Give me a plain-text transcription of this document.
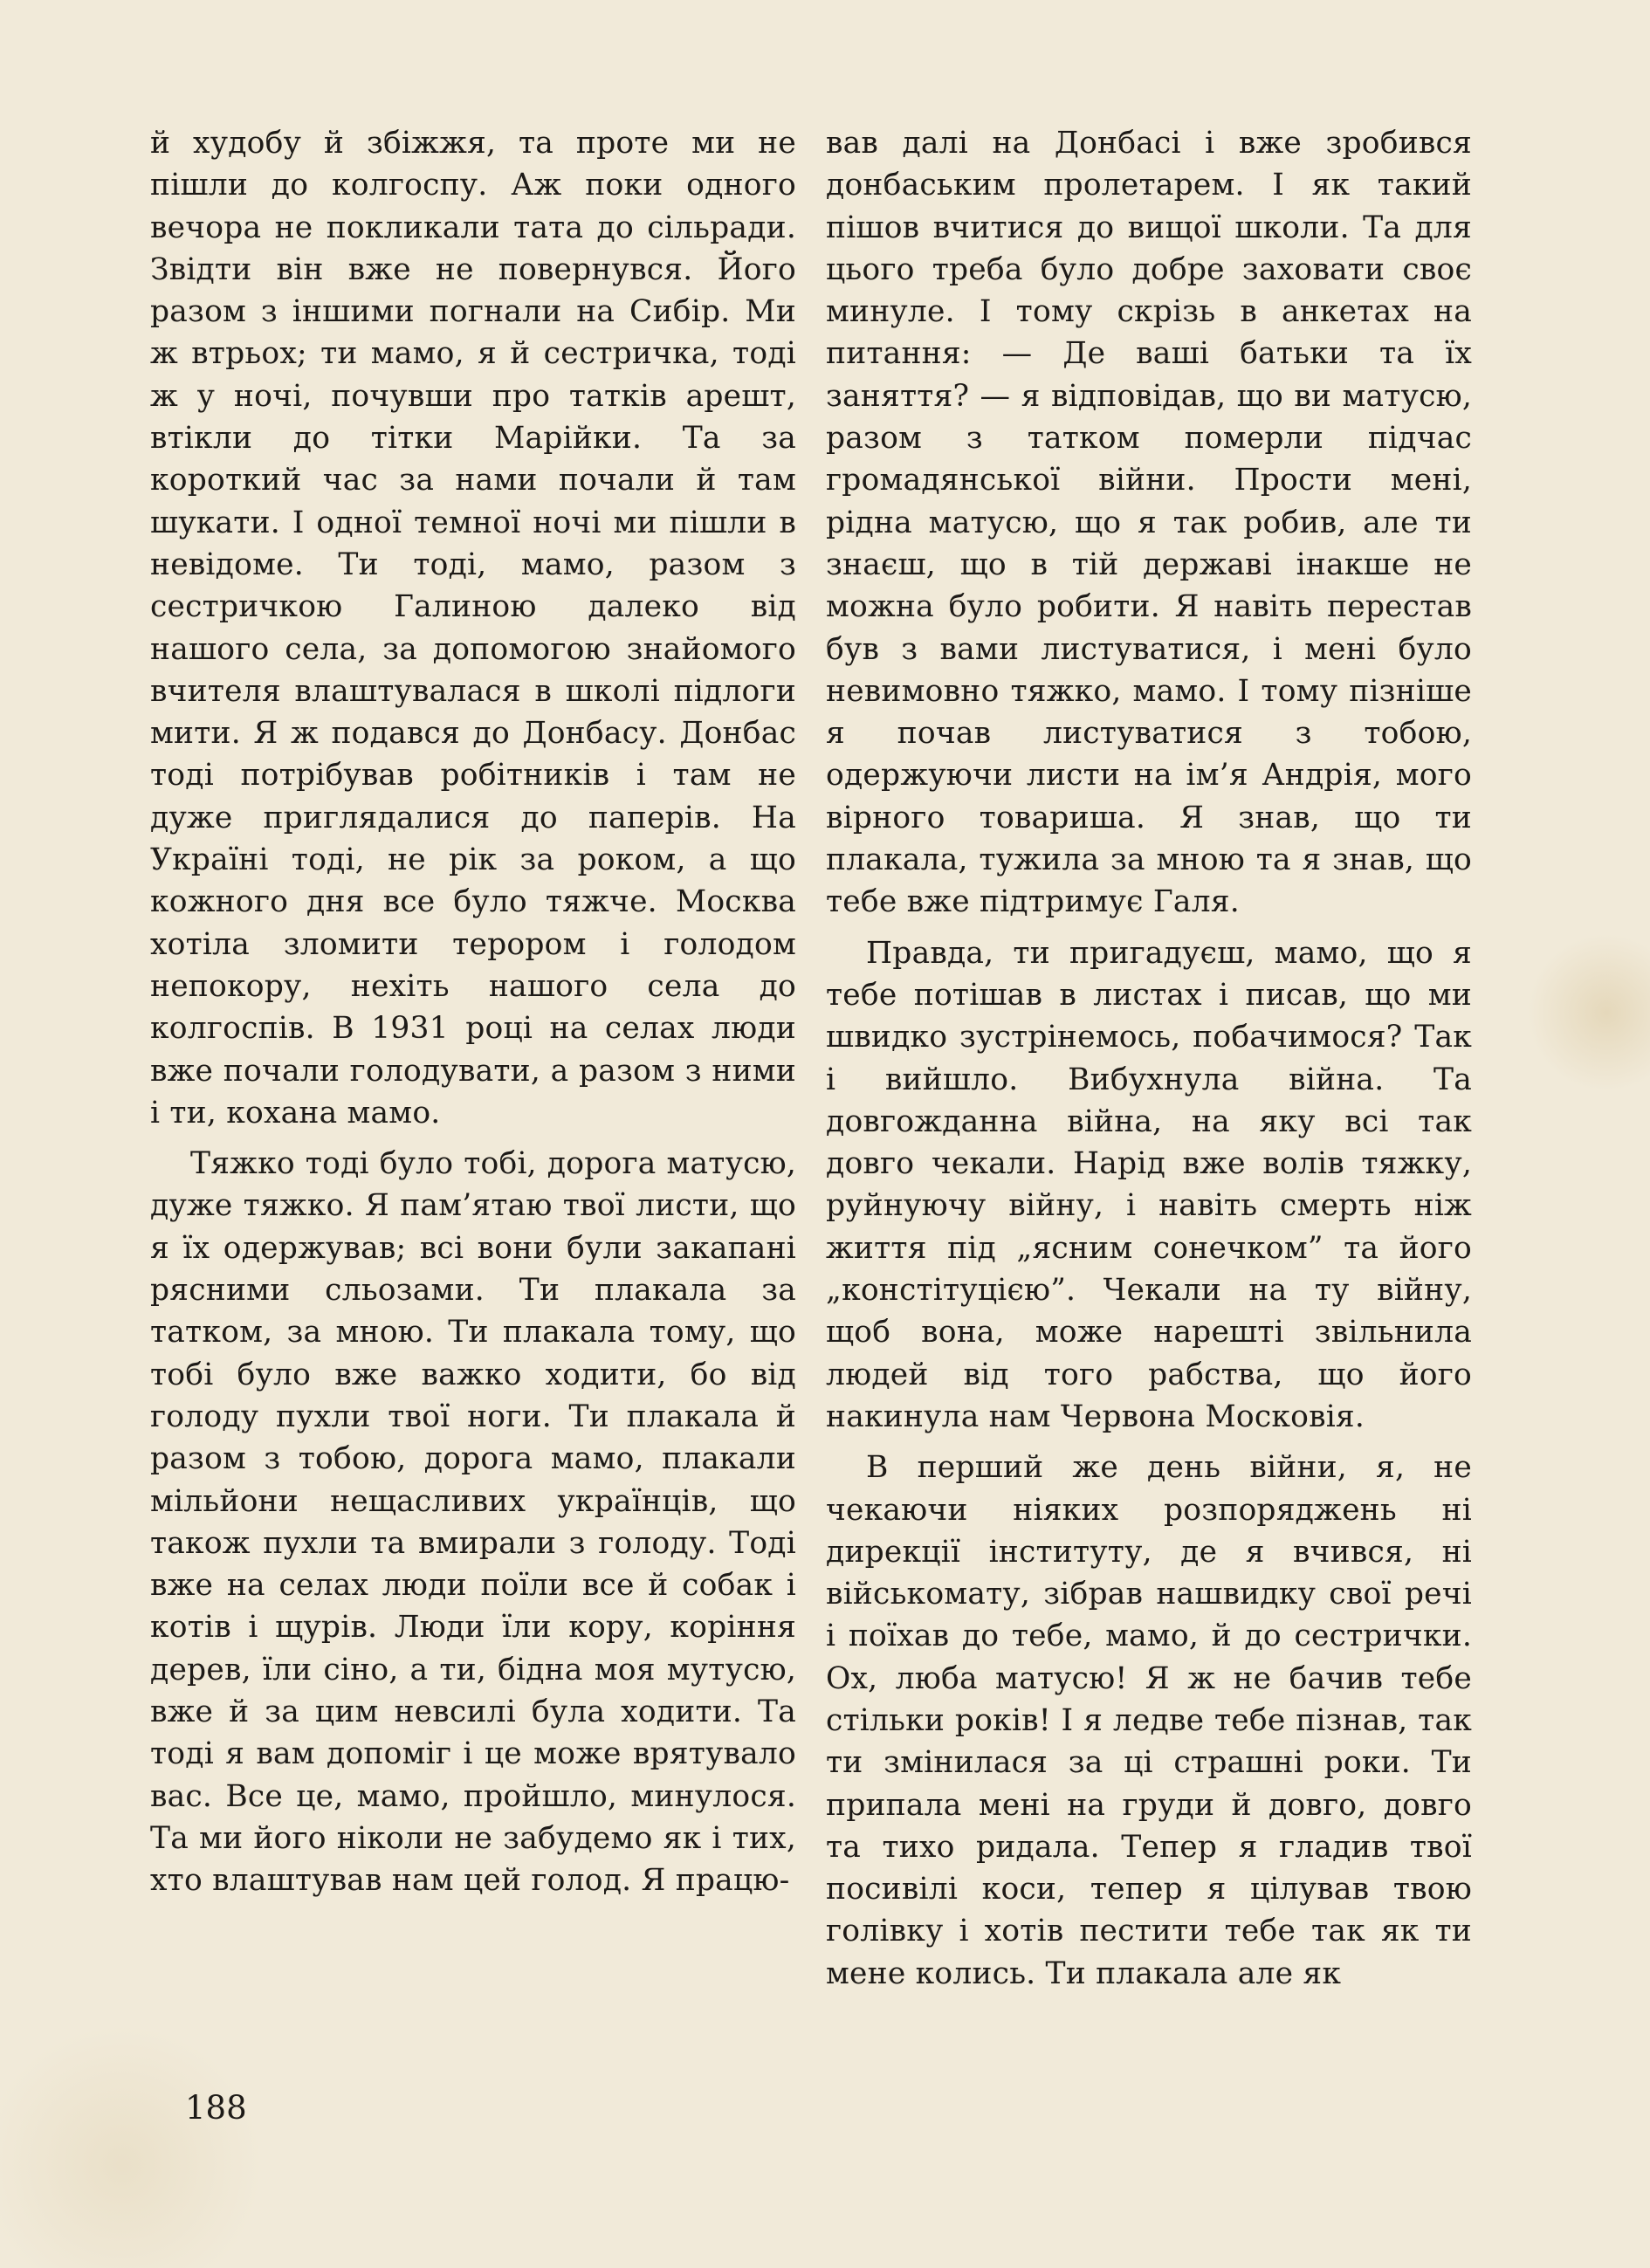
й худобу й збіжжя, та проте ми не пішли до колгоспу. Аж поки одного вечора не покликали тата до сільради. Звідти він вже не повернувся. Його разом з іншими погнали на Сибір. Ми ж втрьох; ти мамо, я й сестричка, тоді ж у ночі, почувши про татків арешт, втікли до тітки Марійки. Та за короткий час за нами почали й там шукати. І одної темної ночі ми пішли в невідоме. Ти тоді, мамо, разом з сестричкою Галиною далеко від нашого села, за допомогою знайомого вчителя влаштувалася в школі підлоги мити. Я ж подався до Донбасу. Донбас тоді потрібував робітників і там не дуже приглядалися до паперів. На Україні тоді, не рік за роком, а що кожного дня все було тяжче. Москва хотіла зломити терором і голодом непокору, нехіть нашого села до колгоспів. В 1931 році на селах люди вже почали голодувати, а разом з ними і ти, кохана мамо.

Тяжко тоді було тобі, дорога матусю, дуже тяжко. Я пам’ятаю твої листи, що я їх одержував; всі вони були закапані рясними сльозами. Ти плакала за татком, за мною. Ти плакала тому, що тобі було вже важко ходити, бо від голоду пухли твої ноги. Ти плакала й разом з тобою, дорога мамо, плакали мільйони нещасливих українців, що також пухли та вмирали з голоду. Тоді вже на селах люди поїли все й собак і котів і щурів. Люди їли кору, коріння дерев, їли сіно, а ти, бідна моя мутусю, вже й за цим невсилі була ходити. Та тоді я вам допоміг і це може врятувало вас. Все це, мамо, пройшло, минулося. Та ми його ніколи не забудемо як і тих, хто влаштував нам цей голод. Я працю-

вав далі на Донбасі і вже зробився донбаським пролетарем. І як такий пішов вчитися до вищої школи. Та для цього треба було добре заховати своє минуле. І тому скрізь в анкетах на питання: — Де ваші батьки та їх заняття? — я відповідав, що ви матусю, разом з татком померли підчас громадянської війни. Прости мені, рідна матусю, що я так робив, але ти знаєш, що в тій державі інакше не можна було робити. Я навіть перестав був з вами листуватися, і мені було невимовно тяжко, мамо. І тому пізніше я почав листуватися з тобою, одержуючи листи на ім’я Андрія, мого вірного товариша. Я знав, що ти плакала, тужила за мною та я знав, що тебе вже підтримує Галя.

Правда, ти пригадуєш, мамо, що я тебе потішав в листах і писав, що ми швидко зустрінемось, побачимося? Так і вийшло. Вибухнула війна. Та довгожданна війна, на яку всі так довго чекали. Нарід вже волів тяжку, руйнуючу війну, і навіть смерть ніж життя під „ясним сонечком” та його „констітуцією”. Чекали на ту війну, щоб вона, може нарешті звільнила людей від того рабства, що його накинула нам Червона Московія.

В перший же день війни, я, не чекаючи ніяких розпоряджень ні дирекції інституту, де я вчився, ні військомату, зібрав нашвидку свої речі і поїхав до тебе, мамо, й до сестрички. Ох, люба матусю! Я ж не бачив тебе стільки років! І я ледве тебе пізнав, так ти змінилася за ці страшні роки. Ти припала мені на груди й довго, довго та тихо ридала. Тепер я гладив твої посивілі коси, тепер я цілував твою голівку і хотів пестити тебе так як ти мене колись. Ти плакала але як

188
